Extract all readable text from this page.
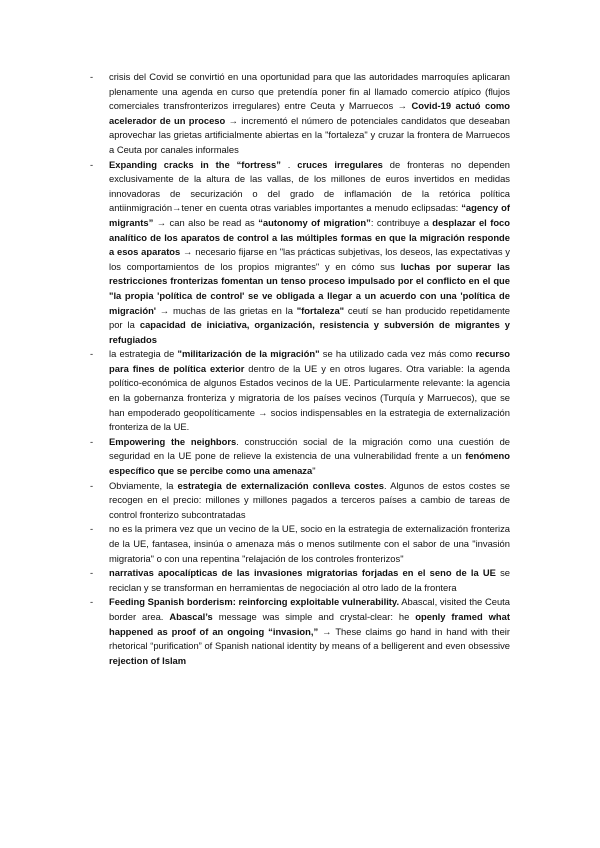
- crisis del Covid se convirtió en una oportunidad para que las autoridades marroquíes aplicaran plenamente una agenda en curso que pretendía poner fin al llamado comercio atípico (flujos comerciales transfronterizos irregulares) entre Ceuta y Marruecos → Covid-19 actuó como acelerador de un proceso → incrementó el número de potenciales candidatos que deseaban aprovechar las grietas artificialmente abiertas en la "fortaleza" y cruzar la frontera de Marruecos a Ceuta por canales informales
- Expanding cracks in the “fortress” . cruces irregulares de fronteras no dependen exclusivamente de la altura de las vallas, de los millones de euros invertidos en medidas innovadoras de securización o del grado de inflamación de la retórica política antiinmigración→tener en cuenta otras variables importantes a menudo eclipsadas: “agency of migrants” → can also be read as “autonomy of migration”: contribuye a desplazar el foco analítico de los aparatos de control a las múltiples formas en que la migración responde a esos aparatos → necesario fijarse en "las prácticas subjetivas, los deseos, las expectativas y los comportamientos de los propios migrantes" y en cómo sus luchas por superar las restricciones fronterizas fomentan un tenso proceso impulsado por el conflicto en el que "la propia 'política de control' se ve obligada a llegar a un acuerdo con una 'política de migración' → muchas de las grietas en la "fortaleza" ceutí se han producido repetidamente por la capacidad de iniciativa, organización, resistencia y subversión de migrantes y refugiados
- la estrategia de "militarización de la migración" se ha utilizado cada vez más como recurso para fines de política exterior dentro de la UE y en otros lugares. Otra variable: la agenda político-económica de algunos Estados vecinos de la UE. Particularmente relevante: la agencia en la gobernanza fronteriza y migratoria de los países vecinos (Turquía y Marruecos), que se han empoderado geopolíticamente → socios indispensables en la estrategia de externalización fronteriza de la UE.
- Empowering the neighbors. construcción social de la migración como una cuestión de seguridad en la UE pone de relieve la existencia de una vulnerabilidad frente a un fenómeno específico que se percibe como una amenaza"
- Obviamente, la estrategia de externalización conlleva costes. Algunos de estos costes se recogen en el precio: millones y millones pagados a terceros países a cambio de tareas de control fronterizo subcontratadas
- no es la primera vez que un vecino de la UE, socio en la estrategia de externalización fronteriza de la UE, fantasea, insinúa o amenaza más o menos sutilmente con el sabor de una "invasión migratoria" o con una repentina "relajación de los controles fronterizos"
- narrativas apocalípticas de las invasiones migratorias forjadas en el seno de la UE se reciclan y se transforman en herramientas de negociación al otro lado de la frontera
- Feeding Spanish borderism: reinforcing exploitable vulnerability. Abascal, visited the Ceuta border area. Abascal’s message was simple and crystal-clear: he openly framed what happened as proof of an ongoing “invasion,” → These claims go hand in hand with their rhetorical “purification” of Spanish national identity by means of a belligerent and even obsessive rejection of Islam
